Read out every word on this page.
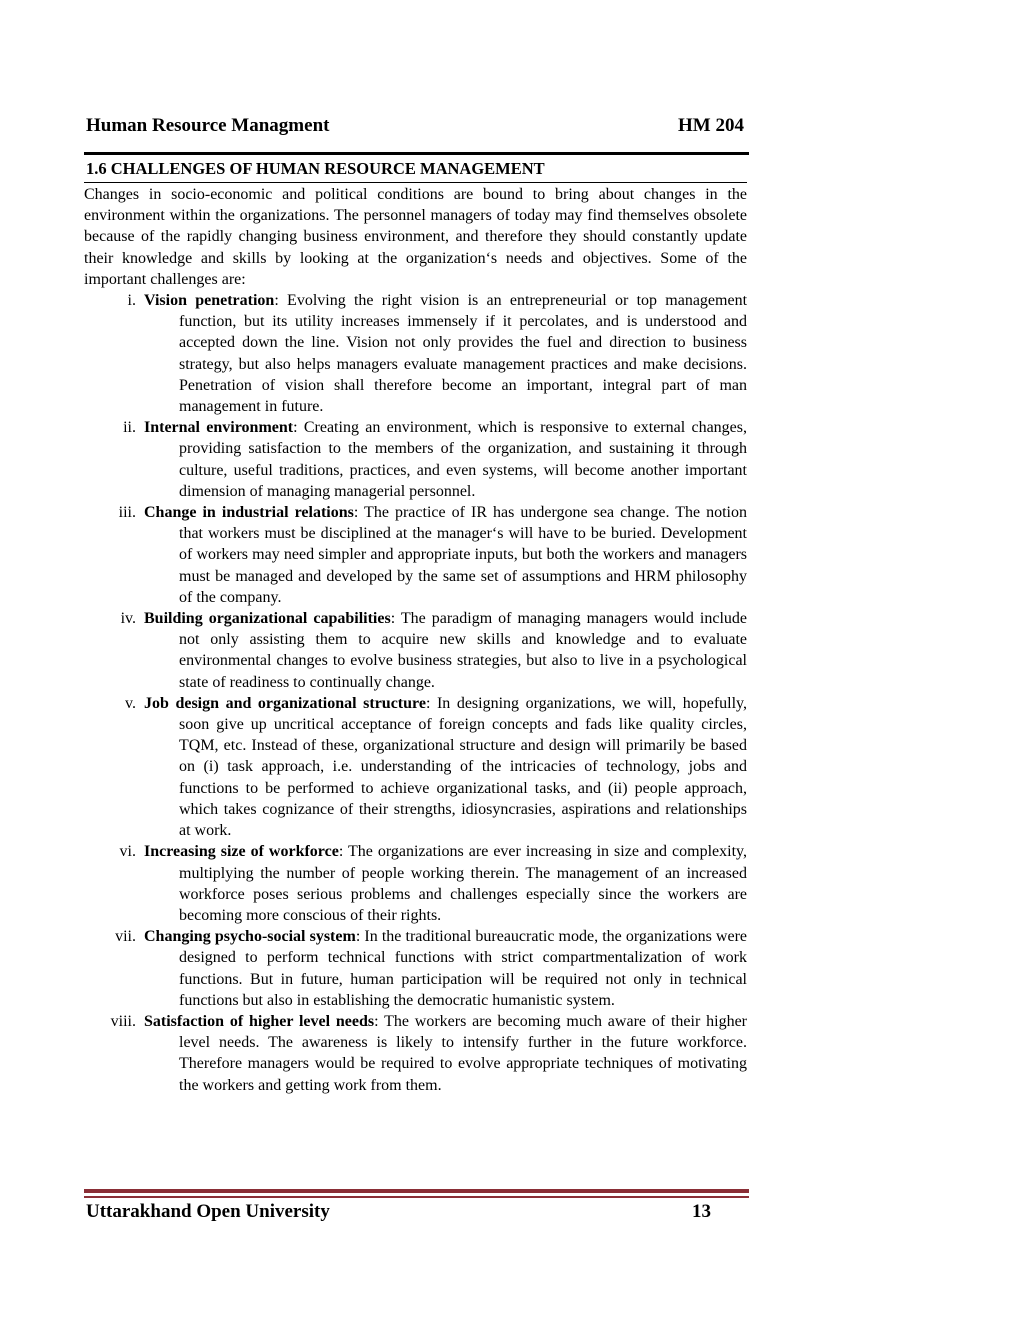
Human Resource Managment	HM 204
1.6 CHALLENGES OF HUMAN RESOURCE MANAGEMENT

Changes in socio-economic and political conditions are bound to bring about changes in the environment within the organizations. The personnel managers of today may find themselves obsolete because of the rapidly changing business environment, and therefore they should constantly update their knowledge and skills by looking at the organization‘s needs and objectives. Some of the important challenges are:

i. Vision penetration: Evolving the right vision is an entrepreneurial or top management function, but its utility increases immensely if it percolates, and is understood and accepted down the line. Vision not only provides the fuel and direction to business strategy, but also helps managers evaluate management practices and make decisions. Penetration of vision shall therefore become an important, integral part of man management in future.
ii. Internal environment: Creating an environment, which is responsive to external changes, providing satisfaction to the members of the organization, and sustaining it through culture, useful traditions, practices, and even systems, will become another important dimension of managing managerial personnel.
iii. Change in industrial relations: The practice of IR has undergone sea change. The notion that workers must be disciplined at the manager‘s will have to be buried. Development of workers may need simpler and appropriate inputs, but both the workers and managers must be managed and developed by the same set of assumptions and HRM philosophy of the company.
iv. Building organizational capabilities: The paradigm of managing managers would include not only assisting them to acquire new skills and knowledge and to evaluate environmental changes to evolve business strategies, but also to live in a psychological state of readiness to continually change.
v. Job design and organizational structure: In designing organizations, we will, hopefully, soon give up uncritical acceptance of foreign concepts and fads like quality circles, TQM, etc. Instead of these, organizational structure and design will primarily be based on (i) task approach, i.e. understanding of the intricacies of technology, jobs and functions to be performed to achieve organizational tasks, and (ii) people approach, which takes cognizance of their strengths, idiosyncrasies, aspirations and relationships at work.
vi. Increasing size of workforce: The organizations are ever increasing in size and complexity, multiplying the number of people working therein. The management of an increased workforce poses serious problems and challenges especially since the workers are becoming more conscious of their rights.
vii. Changing psycho-social system: In the traditional bureaucratic mode, the organizations were designed to perform technical functions with strict compartmentalization of work functions. But in future, human participation will be required not only in technical functions but also in establishing the democratic humanistic system.
viii. Satisfaction of higher level needs: The workers are becoming much aware of their higher level needs. The awareness is likely to intensify further in the future workforce. Therefore managers would be required to evolve appropriate techniques of motivating the workers and getting work from them.
Uttarakhand Open University	13
